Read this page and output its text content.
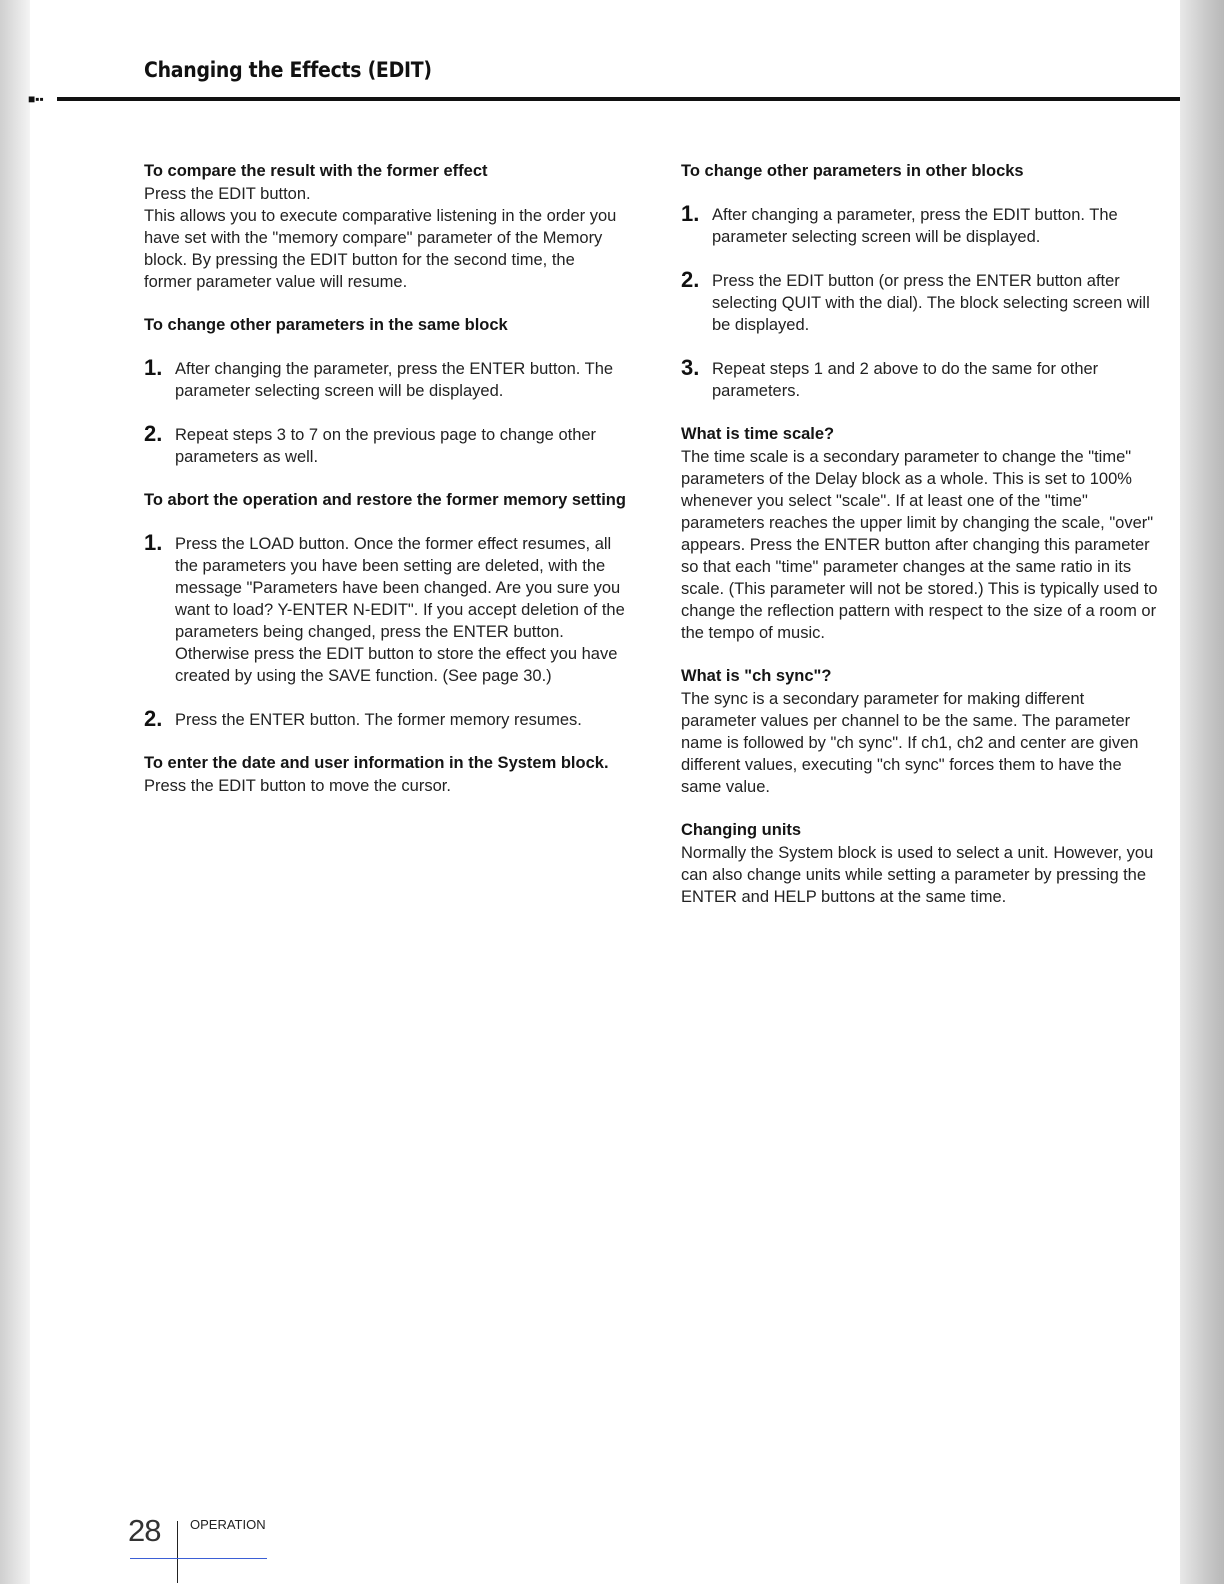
■▪▪
Changing the Effects (EDIT)

To compare the result with the former effect

Press the EDIT button.

This allows you to execute comparative listening in the order you have set with the "memory compare" parameter of the Memory block. By pressing the EDIT button for the second time, the former parameter value will resume.

To change other parameters in the same block

1. After changing the parameter, press the ENTER button. The parameter selecting screen will be displayed.
2. Repeat steps 3 to 7 on the previous page to change other parameters as well.

To abort the operation and restore the former memory setting

1. Press the LOAD button. Once the former effect resumes, all the parameters you have been setting are deleted, with the message "Parameters have been changed. Are you sure you want to load? Y-ENTER N-EDIT". If you accept deletion of the parameters being changed, press the ENTER button. Otherwise press the EDIT button to store the effect you have created by using the SAVE function. (See page 30.)
2. Press the ENTER button. The former memory resumes.

To enter the date and user information in the System block.

Press the EDIT button to move the cursor.

To change other parameters in other blocks

1. After changing a parameter, press the EDIT button. The parameter selecting screen will be displayed.
2. Press the EDIT button (or press the ENTER button after selecting QUIT with the dial). The block selecting screen will be displayed.
3. Repeat steps 1 and 2 above to do the same for other parameters.

What is time scale?

The time scale is a secondary parameter to change the "time" parameters of the Delay block as a whole. This is set to 100% whenever you select "scale". If at least one of the "time" parameters reaches the upper limit by changing the scale, "over" appears. Press the ENTER button after changing this parameter so that each "time" parameter changes at the same ratio in its scale. (This parameter will not be stored.) This is typically used to change the reflection pattern with respect to the size of a room or the tempo of music.

What is "ch sync"?

The sync is a secondary parameter for making different parameter values per channel to be the same. The parameter name is followed by "ch sync". If ch1, ch2 and center are given different values, executing "ch sync" forces them to have the same value.

Changing units

Normally the System block is used to select a unit. However, you can also change units while setting a parameter by pressing the ENTER and HELP buttons at the same time.

28 OPERATION
